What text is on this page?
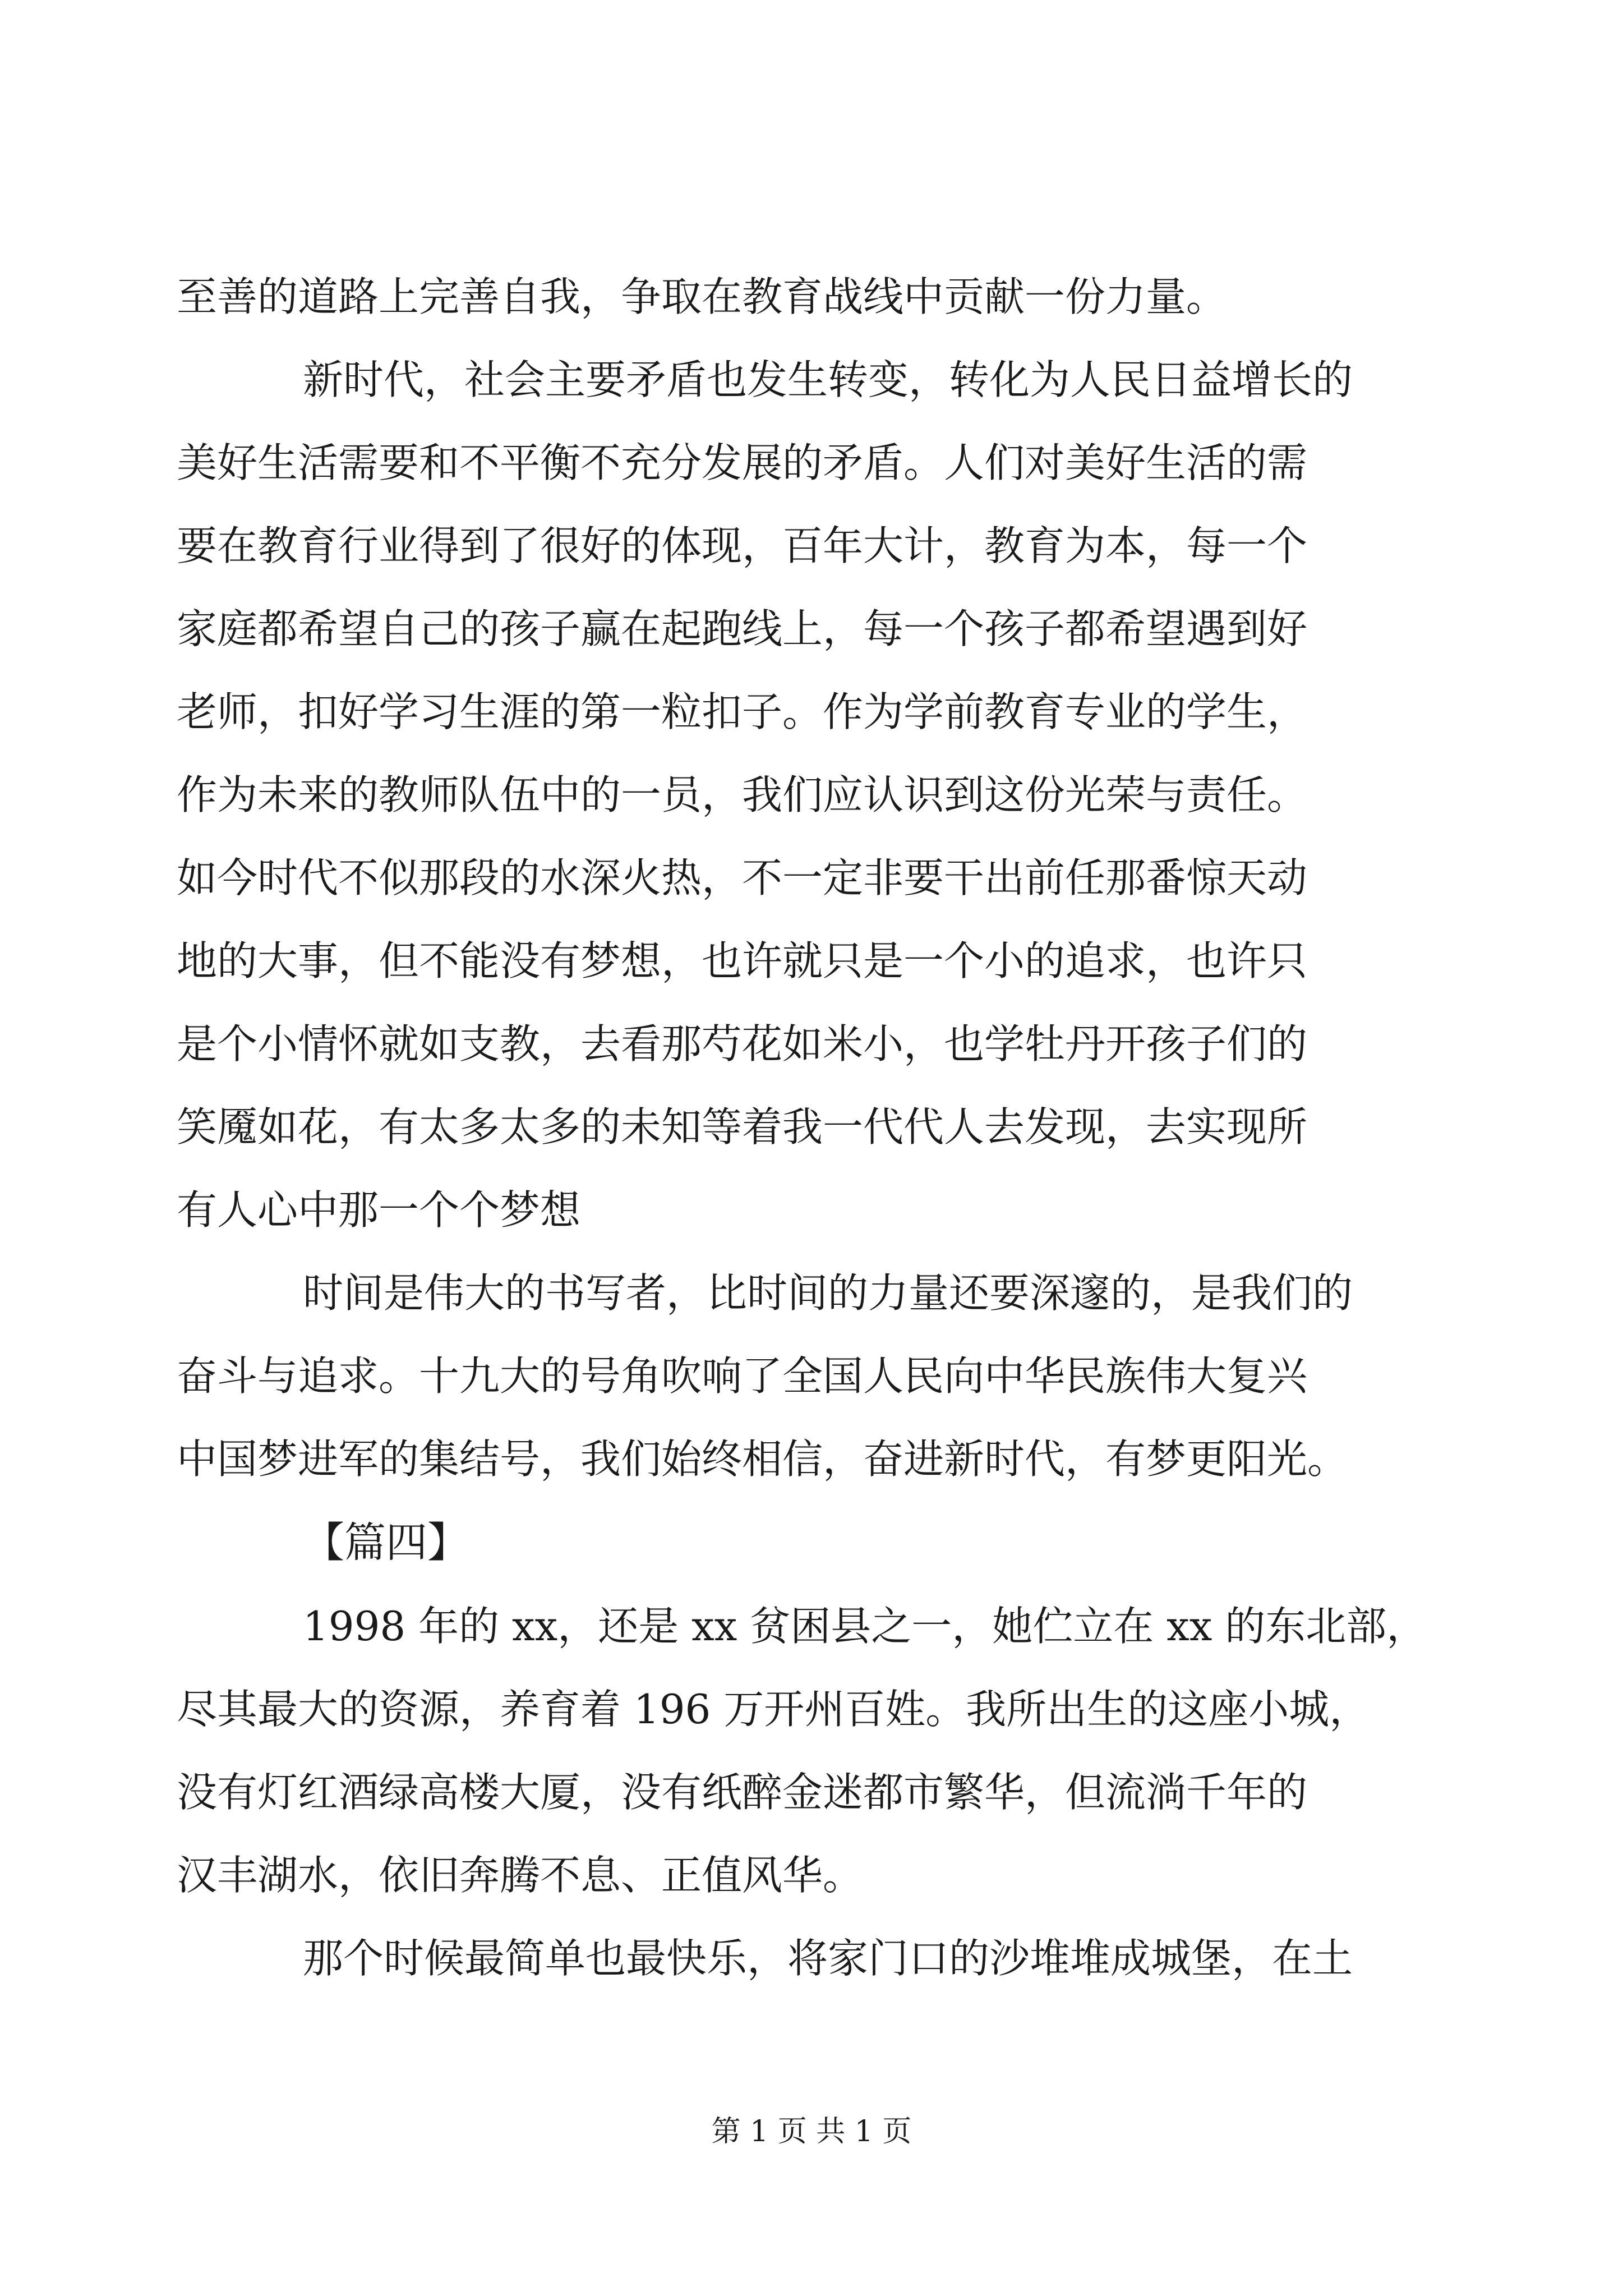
至善的道路上完善自我，争取在教育战线中贡献一份力量。
新时代，社会主要矛盾也发生转变，转化为人民日益增长的
美好生活需要和不平衡不充分发展的矛盾。人们对美好生活的需
要在教育行业得到了很好的体现，百年大计，教育为本，每一个
家庭都希望自己的孩子赢在起跑线上，每一个孩子都希望遇到好
老师，扣好学习生涯的第一粒扣子。作为学前教育专业的学生，
作为未来的教师队伍中的一员，我们应认识到这份光荣与责任。
如今时代不似那段的水深火热，不一定非要干出前任那番惊天动
地的大事，但不能没有梦想，也许就只是一个小的追求，也许只
是个小情怀就如支教，去看那芍花如米小，也学牡丹开孩子们的
笑魇如花，有太多太多的未知等着我一代代人去发现，去实现所
有人心中那一个个梦想
时间是伟大的书写者，比时间的力量还要深邃的，是我们的
奋斗与追求。十九大的号角吹响了全国人民向中华民族伟大复兴
中国梦进军的集结号，我们始终相信，奋进新时代，有梦更阳光。
【篇四】
1998 年的 xx，还是 xx 贫困县之一，她伫立在 xx 的东北部，
尽其最大的资源，养育着 196 万开州百姓。我所出生的这座小城，
没有灯红酒绿高楼大厦，没有纸醉金迷都市繁华，但流淌千年的
汉丰湖水，依旧奔腾不息、正值风华。
那个时候最简单也最快乐，将家门口的沙堆堆成城堡，在土
第 1 页 共 1 页
